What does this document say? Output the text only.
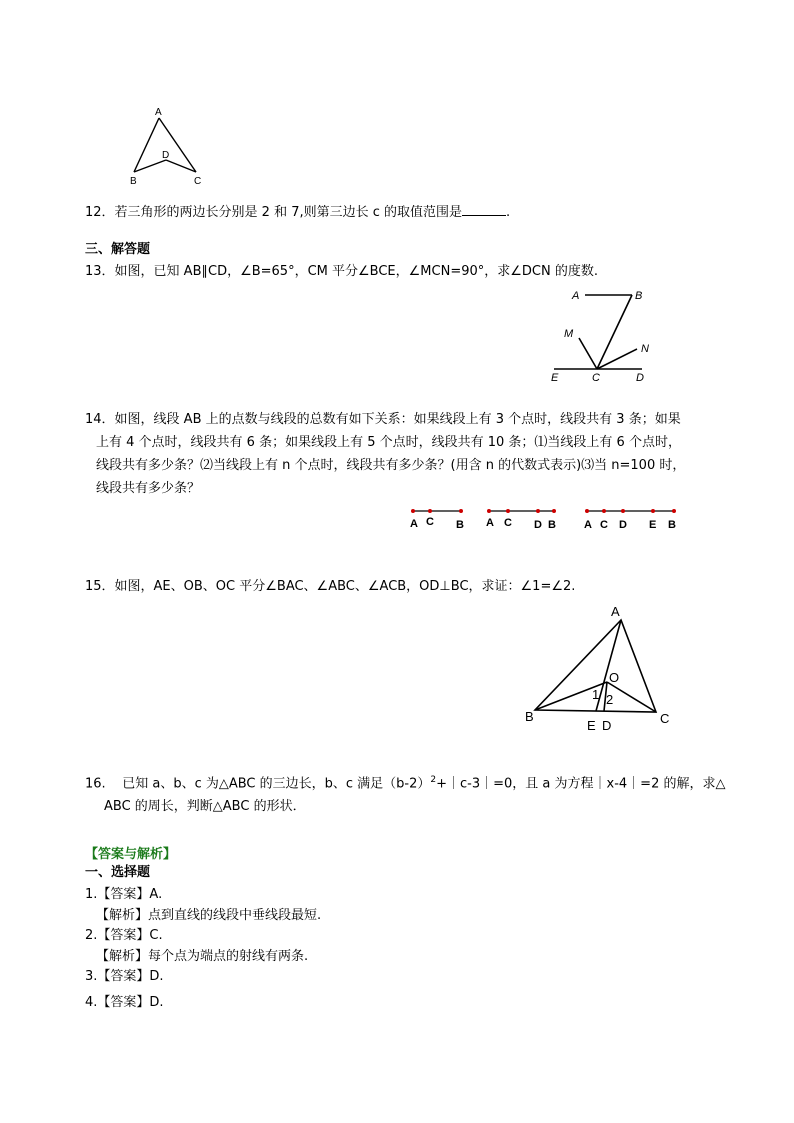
A
B	C
D
12．若三角形的两边长分别是 2 和 7,则第三边长 c 的取值范围是	.
三、解答题
13．如图，已知 AB∥CD，∠B=65°，CM 平分∠BCE，∠MCN=90°，求∠DCN 的度数.
A	B
M
N
E	C	D
14．如图，线段 AB 上的点数与线段的总数有如下关系：如果线段上有 3 个点时，线段共有 3 条；如果
上有 4 个点时，线段共有 6 条；如果线段上有 5 个点时，线段共有 10 条；⑴当线段上有 6 个点时，
线段共有多少条？⑵当线段上有 n 个点时，线段共有多少条？(用含 n 的代数式表示)⑶当 n=100 时，
线段共有多少条？
A C B A C D B	A C D E B
15．如图，AE、OB、OC 平分∠BAC、∠ABC、∠ACB，OD⊥BC，求证：∠1=∠2.
A
B	C
O
E D
1 2
16. 已知 a、b、c 为△ABC 的三边长，b、c 满足$(b-2)^2+|c-3|=0$，且 a 为方程｜x-4｜=2 的解，求△
ABC 的周长，判断△ABC 的形状．
【答案与解析】
一、选择题
1.【答案】A.
【解析】点到直线的线段中垂线段最短.
2.【答案】C.
【解析】每个点为端点的射线有两条.
3.【答案】D.
4.【答案】D.
